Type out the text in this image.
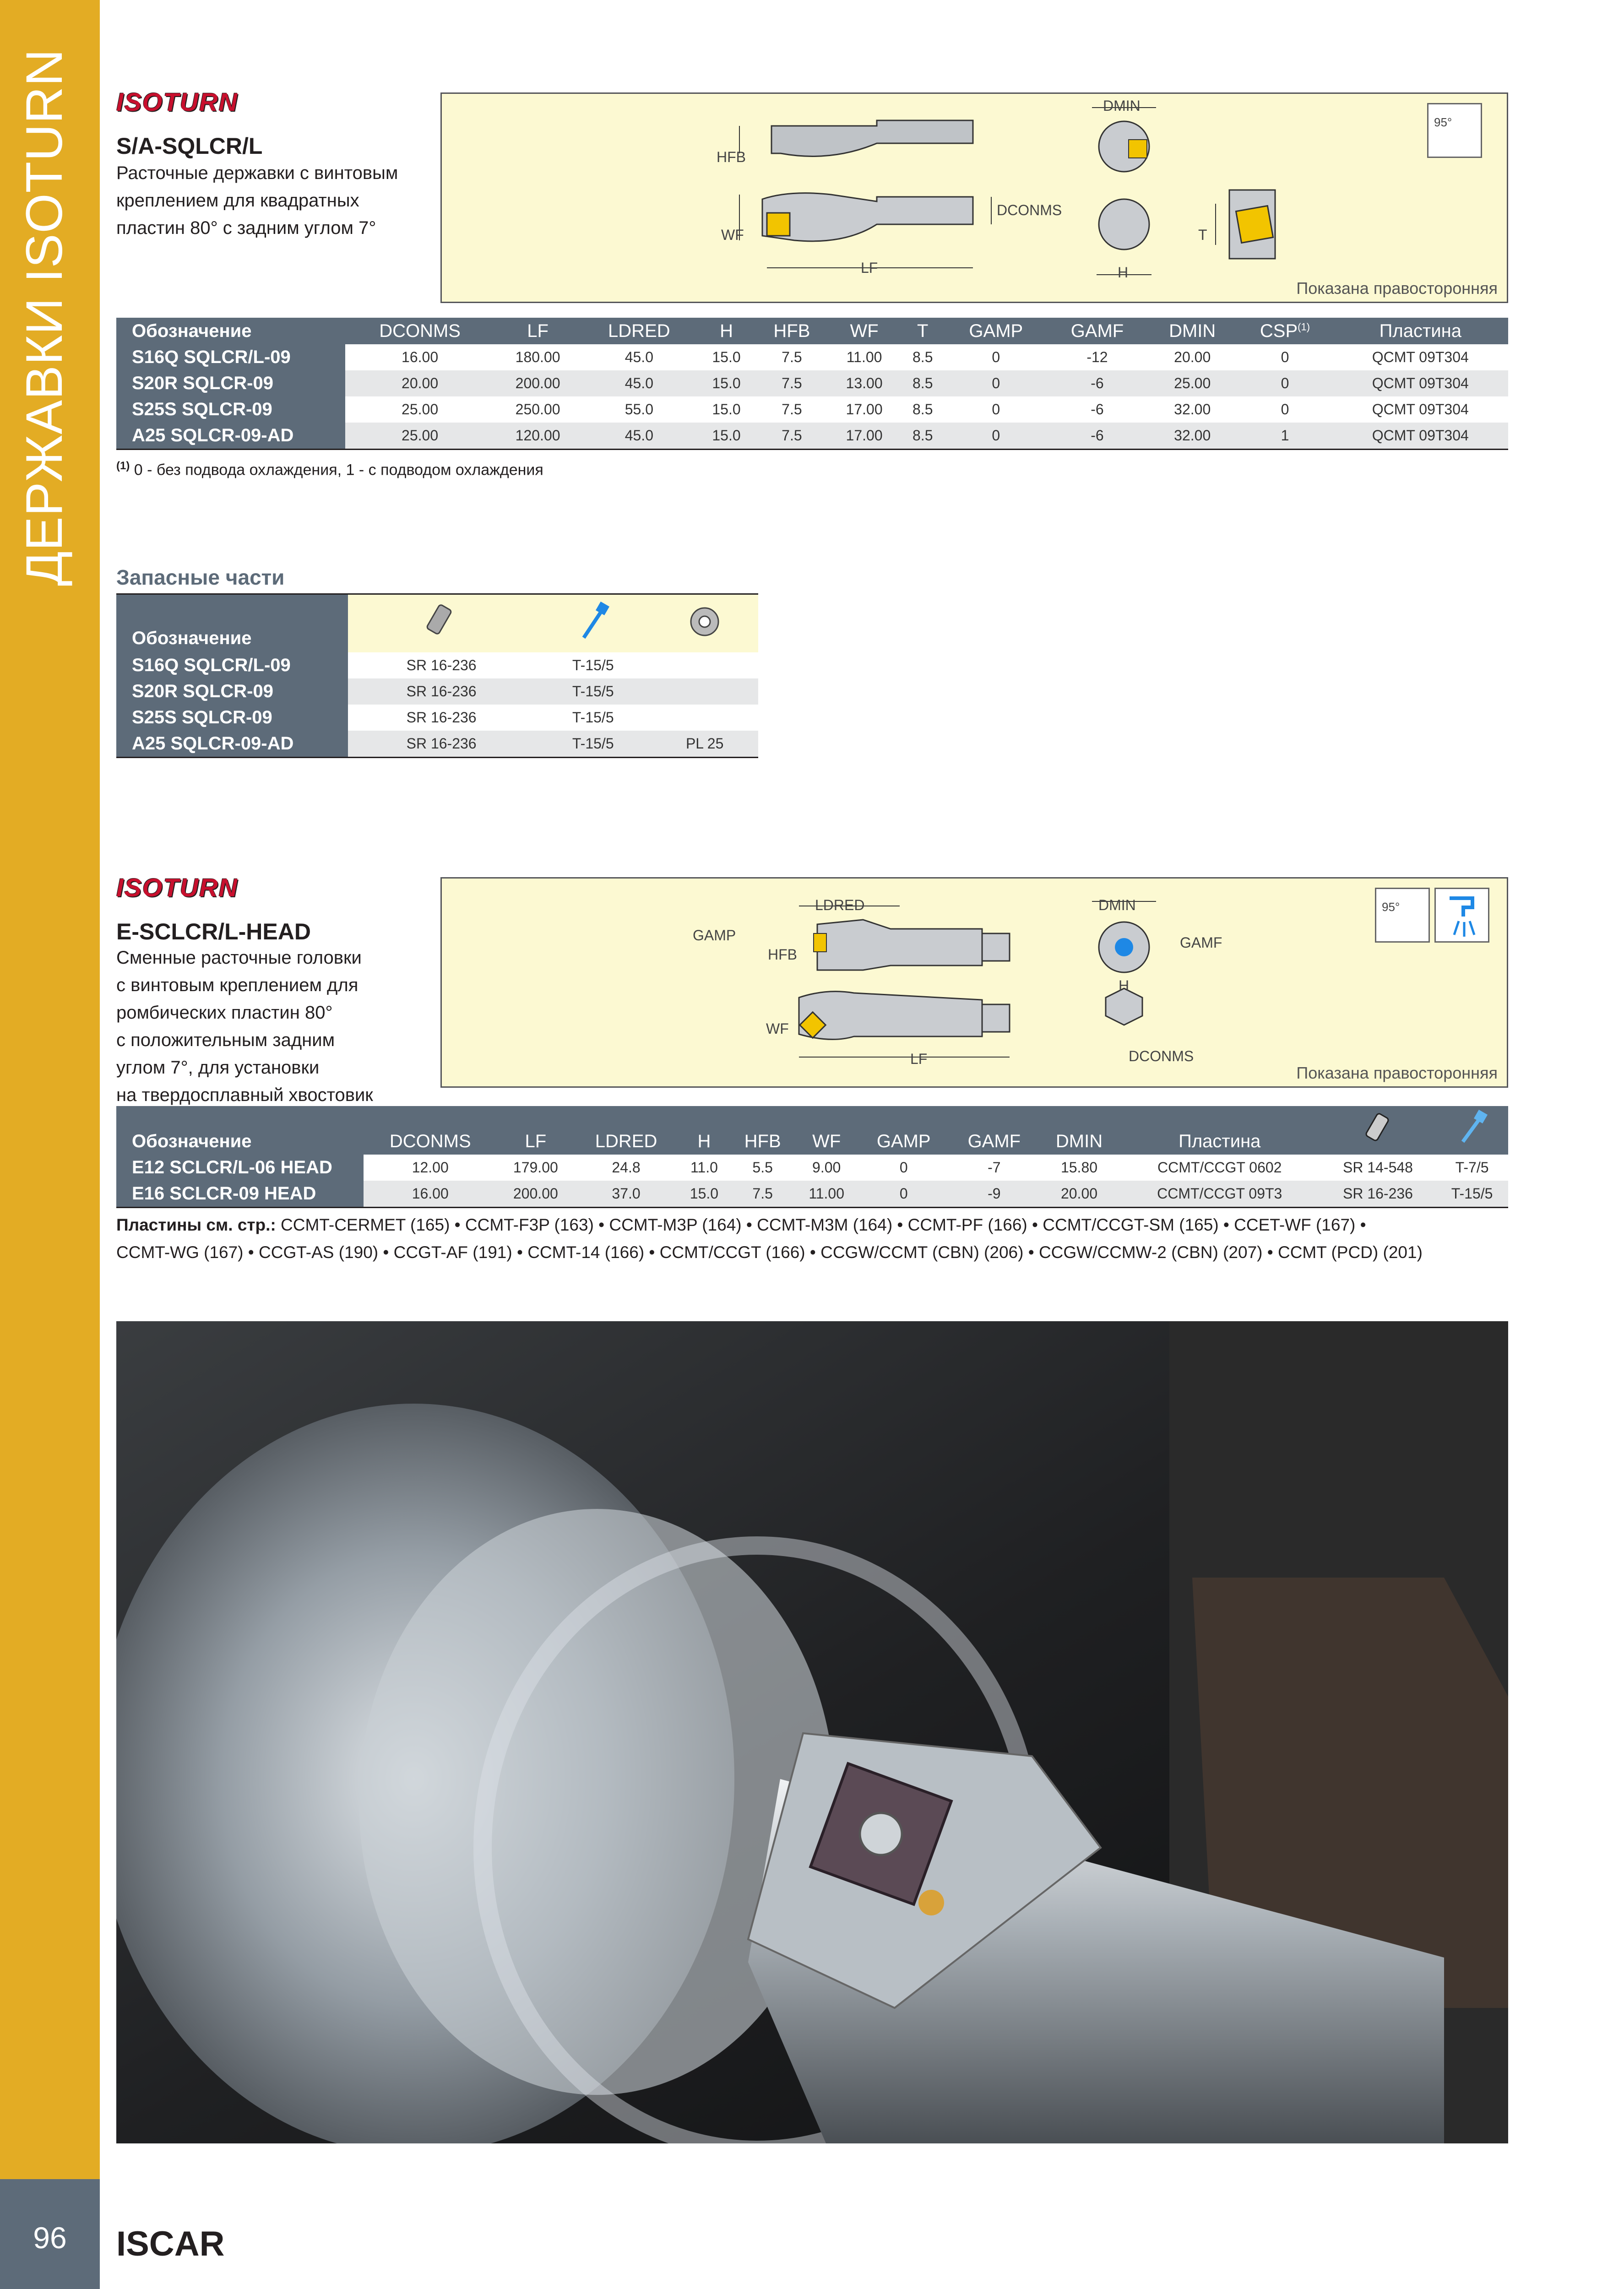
ДЕРЖАВКИ ISOTURN
96	ISCAR
ISOTURN
S/A-SQLCR/L
Расточные державки с винтовым
креплением для квадратных
пластин 80° с задним углом 7°
DMIN
HFB
WF
DCONMS
LF	H
T
95°
Показана правосторонняя
Обозначение	DCONMS	LF	LDRED	H	HFB	WF	T	GAMP	GAMF	DMIN	CSP$^{(1)}$	Пластина
S16Q SQLCR/L-09	16.00	180.00	45.0	15.0	7.5	11.00	8.5	0	-12	20.00	0	QCMT 09T304
S20R SQLCR-09	20.00	200.00	45.0	15.0	7.5	13.00	8.5	0	-6	25.00	0	QCMT 09T304
S25S SQLCR-09	25.00	250.00	55.0	15.0	7.5	17.00	8.5	0	-6	32.00	0	QCMT 09T304
A25 SQLCR-09-AD	25.00	120.00	45.0	15.0	7.5	17.00	8.5	0	-6	32.00	1	QCMT 09T304
$^{(1)}$ 0 - без подвода охлаждения, 1 - с подводом охлаждения
Запасные части
Обозначение			
S16Q SQLCR/L-09	SR 16-236	T-15/5	
S20R SQLCR-09	SR 16-236	T-15/5	
S25S SQLCR-09	SR 16-236	T-15/5	
A25 SQLCR-09-AD	SR 16-236	T-15/5	PL 25
ISOTURN
E-SCLCR/L-HEAD
Сменные расточные головки
с винтовым креплением для
ромбических пластин 80°
с положительным задним
углом 7°, для установки
на твердосплавный хвостовик
LDRED
GAMP
HFB
WF
LF
DMIN
GAMF
H
DCONMS
95°
Показана правосторонняя
Обозначение	DCONMS	LF	LDRED	H	HFB	WF	GAMP	GAMF	DMIN	Пластина		
E12 SCLCR/L-06 HEAD	12.00	179.00	24.8	11.0	5.5	9.00	0	-7	15.80	CCMT/CCGT 0602	SR 14-548	T-7/5
E16 SCLCR-09 HEAD	16.00	200.00	37.0	15.0	7.5	11.00	0	-9	20.00	CCMT/CCGT 09T3	SR 16-236	T-15/5
Пластины см. стр.: CCMT-CERMET (165) • CCMT-F3P (163) • CCMT-M3P (164) • CCMT-M3M (164) • CCMT-PF (166) • CCMT/CCGT-SM (165) • CCET-WF (167) •
CCMT-WG (167) • CCGT-AS (190) • CCGT-AF (191) • CCMT-14 (166) • CCMT/CCGT (166) • CCGW/CCMT (CBN) (206) • CCGW/CCMW-2 (CBN) (207) • CCMT (PCD) (201)
